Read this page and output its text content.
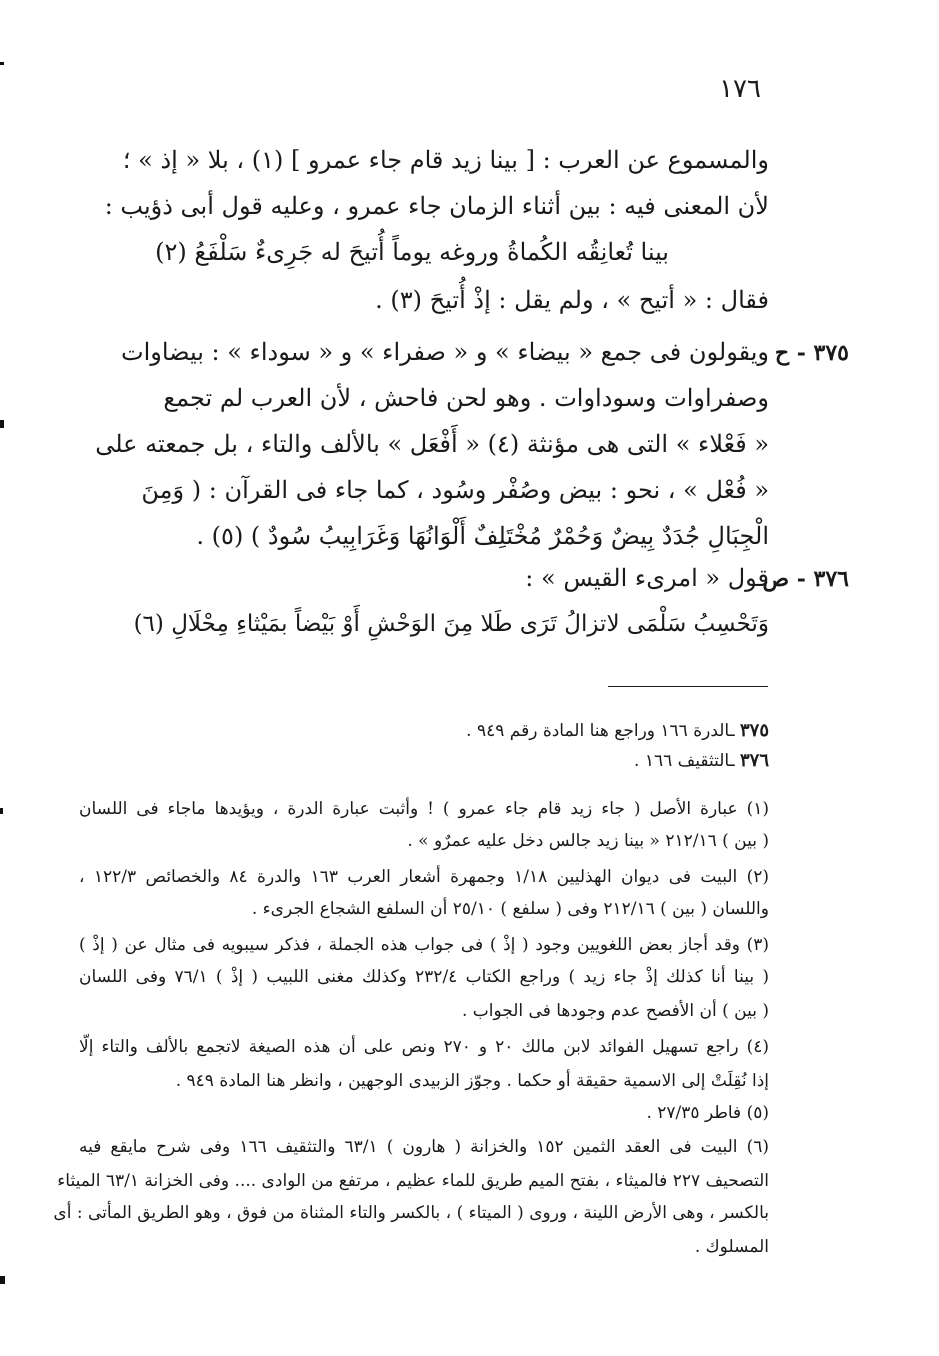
١٧٦
والمسموع عن العرب : [ بينا زيد قام جاء عمرو ] (١) ، بلا « إذ » ؛
لأن المعنى فيه : بين أثناء الزمان جاء عمرو ، وعليه قول أبى ذؤيب :
بينا تُعانِقُه الكُماةُ وروغه يوماً أُتيحَ له جَرِىءٌ سَلْفَعُ (٢)
فقال : « أتيح » ، ولم يقل : إذْ أُتيحَ (٣) .
٣٧٥ - ح
ويقولون فى جمع « بيضاء » و « صفراء » و « سوداء » : بيضاوات
وصفراوات وسوداوات . وهو لحن فاحش ، لأن العرب لم تجمع
« فَعْلاء » التى هى مؤنثة (٤) « أَفْعَل » بالألف والتاء ، بل جمعته على
« فُعْل » ، نحو : بيض وصُفْر وسُود ، كما جاء فى القرآن : ( وَمِنَ
الْجِبَالِ جُدَدٌ بِيضٌ وَحُمْرٌ مُخْتَلِفٌ أَلْوَانُهَا وَغَرَابِيبُ سُودٌ ) (٥) .
٣٧٦ - ص
قول « امرىء القيس » :
وَتَحْسِبُ سَلْمَى لاتزالُ تَرَى طَلا مِنَ الوَحْشِ أَوْ بَيْضاً بمَيْثاءِ مِحْلَالِ (٦)
٣٧٥ ـالدرة ١٦٦ وراجع هنا المادة رقم ٩٤٩ .
٣٧٦ ـالتثقيف ١٦٦ .
(١) عبارة الأصل ( جاء زيد قام جاء عمرو ) ! وأثبت عبارة الدرة ، ويؤيدها ماجاء فى اللسان
( بين ) ٢١٢/١٦ « بينا زيد جالس دخل عليه عمرٌو » .
(٢) البيت فى ديوان الهذليين ١/١٨ وجمهرة أشعار العرب ١٦٣ والدرة ٨٤ والخصائص ١٢٢/٣ ،
واللسان ( بين ) ٢١٢/١٦ وفى ( سلفع ) ٢٥/١٠ أن السلفع الشجاع الجرىء .
(٣) وقد أجاز بعض اللغويين وجود ( إذْ ) فى جواب هذه الجملة ، فذكر سيبويه فى مثال عن ( إذْ )
( بينا أنا كذلك إذْ جاء زيد ) وراجع الكتاب ٢٣٢/٤ وكذلك مغنى اللبيب ( إذْ ) ٧٦/١ وفى اللسان
( بين ) أن الأفصح عدم وجودها فى الجواب .
(٤) راجع تسهيل الفوائد لابن مالك ٢٠ و ٢٧٠ ونص على أن هذه الصيغة لاتجمع بالألف والتاء إلّا
إذا نُقِلَتْ إلى الاسمية حقيقة أو حكما . وجوّز الزبيدى الوجهين ، وانظر هنا المادة ٩٤٩ .
(٥) فاطر ٢٧/٣٥ .
(٦) البيت فى العقد الثمين ١٥٢ والخزانة ( هارون ) ٦٣/١ والتثقيف ١٦٦ وفى شرح مايقع فيه
التصحيف ٢٢٧ فالميثاء ، بفتح الميم طريق للماء عظيم ، مرتفع من الوادى .... وفى الخزانة ٦٣/١ الميثاء
بالكسر ، وهى الأرض اللينة ، وروى ( الميتاء ) ، بالكسر والتاء المثناة من فوق ، وهو الطريق المأتى : أى
المسلوك .
